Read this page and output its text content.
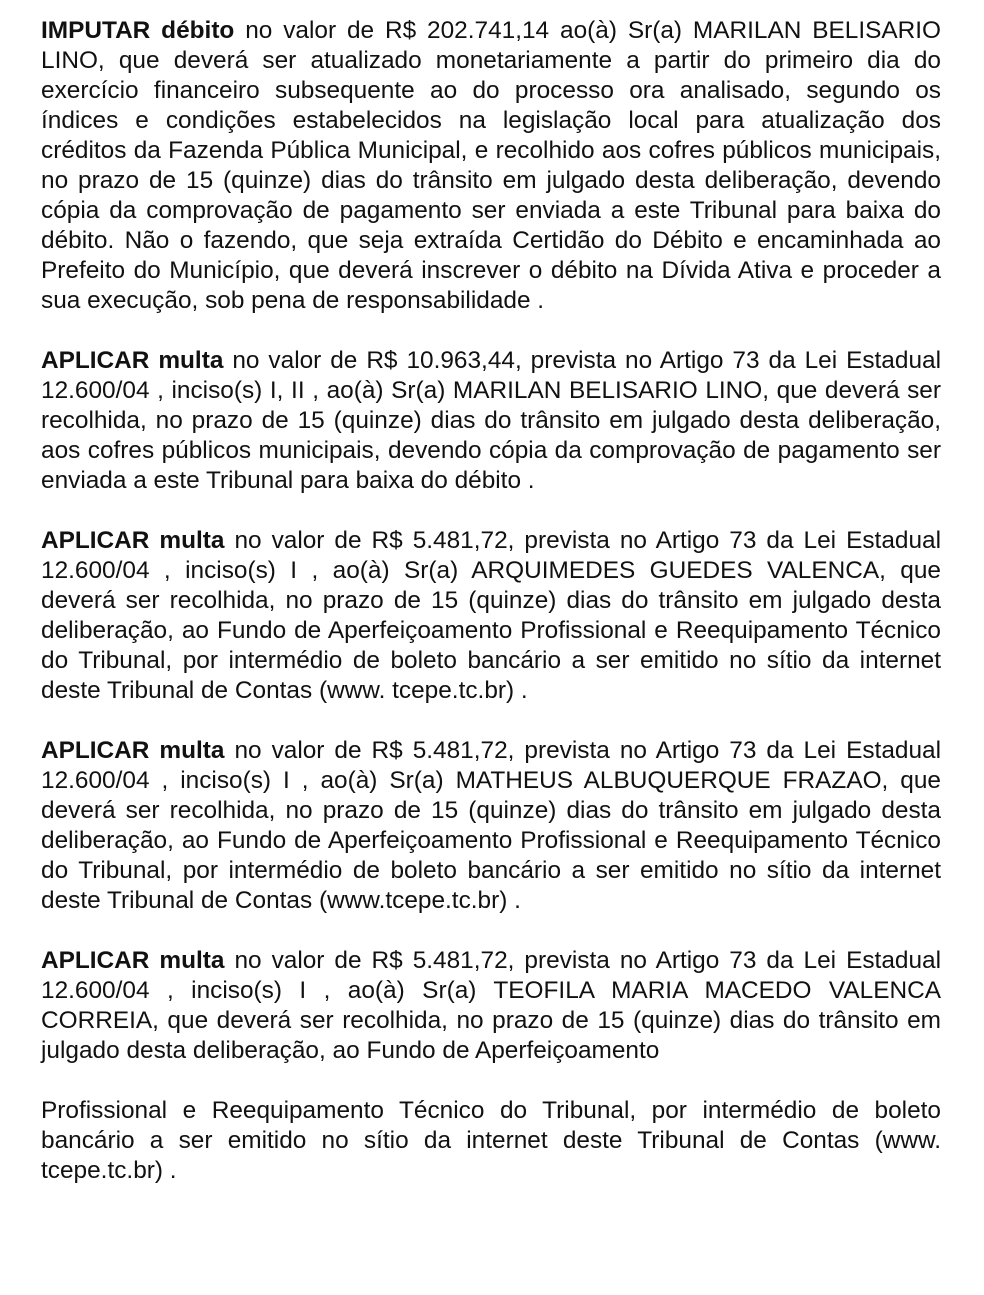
IMPUTAR débito no valor de R$ 202.741,14 ao(à) Sr(a) MARILAN BELISARIO LINO, que deverá ser atualizado monetariamente a partir do primeiro dia do exercício financeiro subsequente ao do processo ora analisado, segundo os índices e condições estabelecidos na legislação local para atualização dos créditos da Fazenda Pública Municipal, e recolhido aos cofres públicos municipais, no prazo de 15 (quinze) dias do trânsito em julgado desta deliberação, devendo cópia da comprovação de pagamento ser enviada a este Tribunal para baixa do débito. Não o fazendo, que seja extraída Certidão do Débito e encaminhada ao Prefeito do Município, que deverá inscrever o débito na Dívida Ativa e proceder a sua execução, sob pena de responsabilidade .

APLICAR multa no valor de R$ 10.963,44, prevista no Artigo 73 da Lei Estadual 12.600/04 , inciso(s) I, II , ao(à) Sr(a) MARILAN BELISARIO LINO, que deverá ser recolhida, no prazo de 15 (quinze) dias do trânsito em julgado desta deliberação, aos cofres públicos municipais, devendo cópia da comprovação de pagamento ser enviada a este Tribunal para baixa do débito .

APLICAR multa no valor de R$ 5.481,72, prevista no Artigo 73 da Lei Estadual 12.600/04 , inciso(s) I , ao(à) Sr(a) ARQUIMEDES GUEDES VALENCA, que deverá ser recolhida, no prazo de 15 (quinze) dias do trânsito em julgado desta deliberação, ao Fundo de Aperfeiçoamento Profissional e Reequipamento Técnico do Tribunal, por intermédio de boleto bancário a ser emitido no sítio da internet deste Tribunal de Contas (www. tcepe.tc.br) .

APLICAR multa no valor de R$ 5.481,72, prevista no Artigo 73 da Lei Estadual 12.600/04 , inciso(s) I , ao(à) Sr(a) MATHEUS ALBUQUERQUE FRAZAO, que deverá ser recolhida, no prazo de 15 (quinze) dias do trânsito em julgado desta deliberação, ao Fundo de Aperfeiçoamento Profissional e Reequipamento Técnico do Tribunal, por intermédio de boleto bancário a ser emitido no sítio da internet deste Tribunal de Contas (www.tcepe.tc.br) .

APLICAR multa no valor de R$ 5.481,72, prevista no Artigo 73 da Lei Estadual 12.600/04 , inciso(s) I , ao(à) Sr(a) TEOFILA MARIA MACEDO VALENCA CORREIA, que deverá ser recolhida, no prazo de 15 (quinze) dias do trânsito em julgado desta deliberação, ao Fundo de Aperfeiçoamento

Profissional e Reequipamento Técnico do Tribunal, por intermédio de boleto bancário a ser emitido no sítio da internet deste Tribunal de Contas (www. tcepe.tc.br) .
